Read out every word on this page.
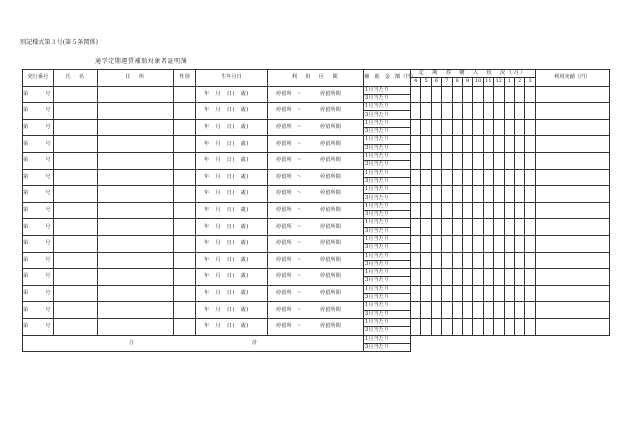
別記様式第３号(第５条関係)
通学定期運賃補助対象者証明簿
発行番号	氏　名	住　所	性別	生年月日	利　用　区　間	補　助　金　額（円）	定　期　券　購　入　状　況（月）												利用実績（円）
							4	5	6	7	8	9	10	11	12	1	2	3	
第　号				年　月　日(　歳)	停留所　～ 停留所間	1月当たり													
						3月当たり													
第　号				年　月　日(　歳)	停留所　～ 停留所間	1月当たり													
						3月当たり													
第　号				年　月　日(　歳)	停留所　～ 停留所間	1月当たり													
						3月当たり													
第　号				年　月　日(　歳)	停留所　～ 停留所間	1月当たり													
						3月当たり													
第　号				年　月　日(　歳)	停留所　～ 停留所間	1月当たり													
						3月当たり													
第　号				年　月　日(　歳)	停留所　～ 停留所間	1月当たり													
						3月当たり													
第　号				年　月　日(　歳)	停留所　～ 停留所間	1月当たり													
						3月当たり													
第　号				年　月　日(　歳)	停留所　～ 停留所間	1月当たり													
						3月当たり													
第　号				年　月　日(　歳)	停留所　～ 停留所間	1月当たり													
						3月当たり													
第　号				年　月　日(　歳)	停留所　～ 停留所間	1月当たり													
						3月当たり													
第　号				年　月　日(　歳)	停留所　～ 停留所間	1月当たり													
						3月当たり													
第　号				年　月　日(　歳)	停留所　～ 停留所間	1月当たり													
						3月当たり													
第　号				年　月　日(　歳)	停留所　～ 停留所間	1月当たり													
						3月当たり													
第　号				年　月　日(　歳)	停留所　～ 停留所間	1月当たり													
						3月当たり													
第　号				年　月　日(　歳)	停留所　～ 停留所間	1月当たり													
						3月当たり													
合 計						1月当たり													
						3月当たり													
